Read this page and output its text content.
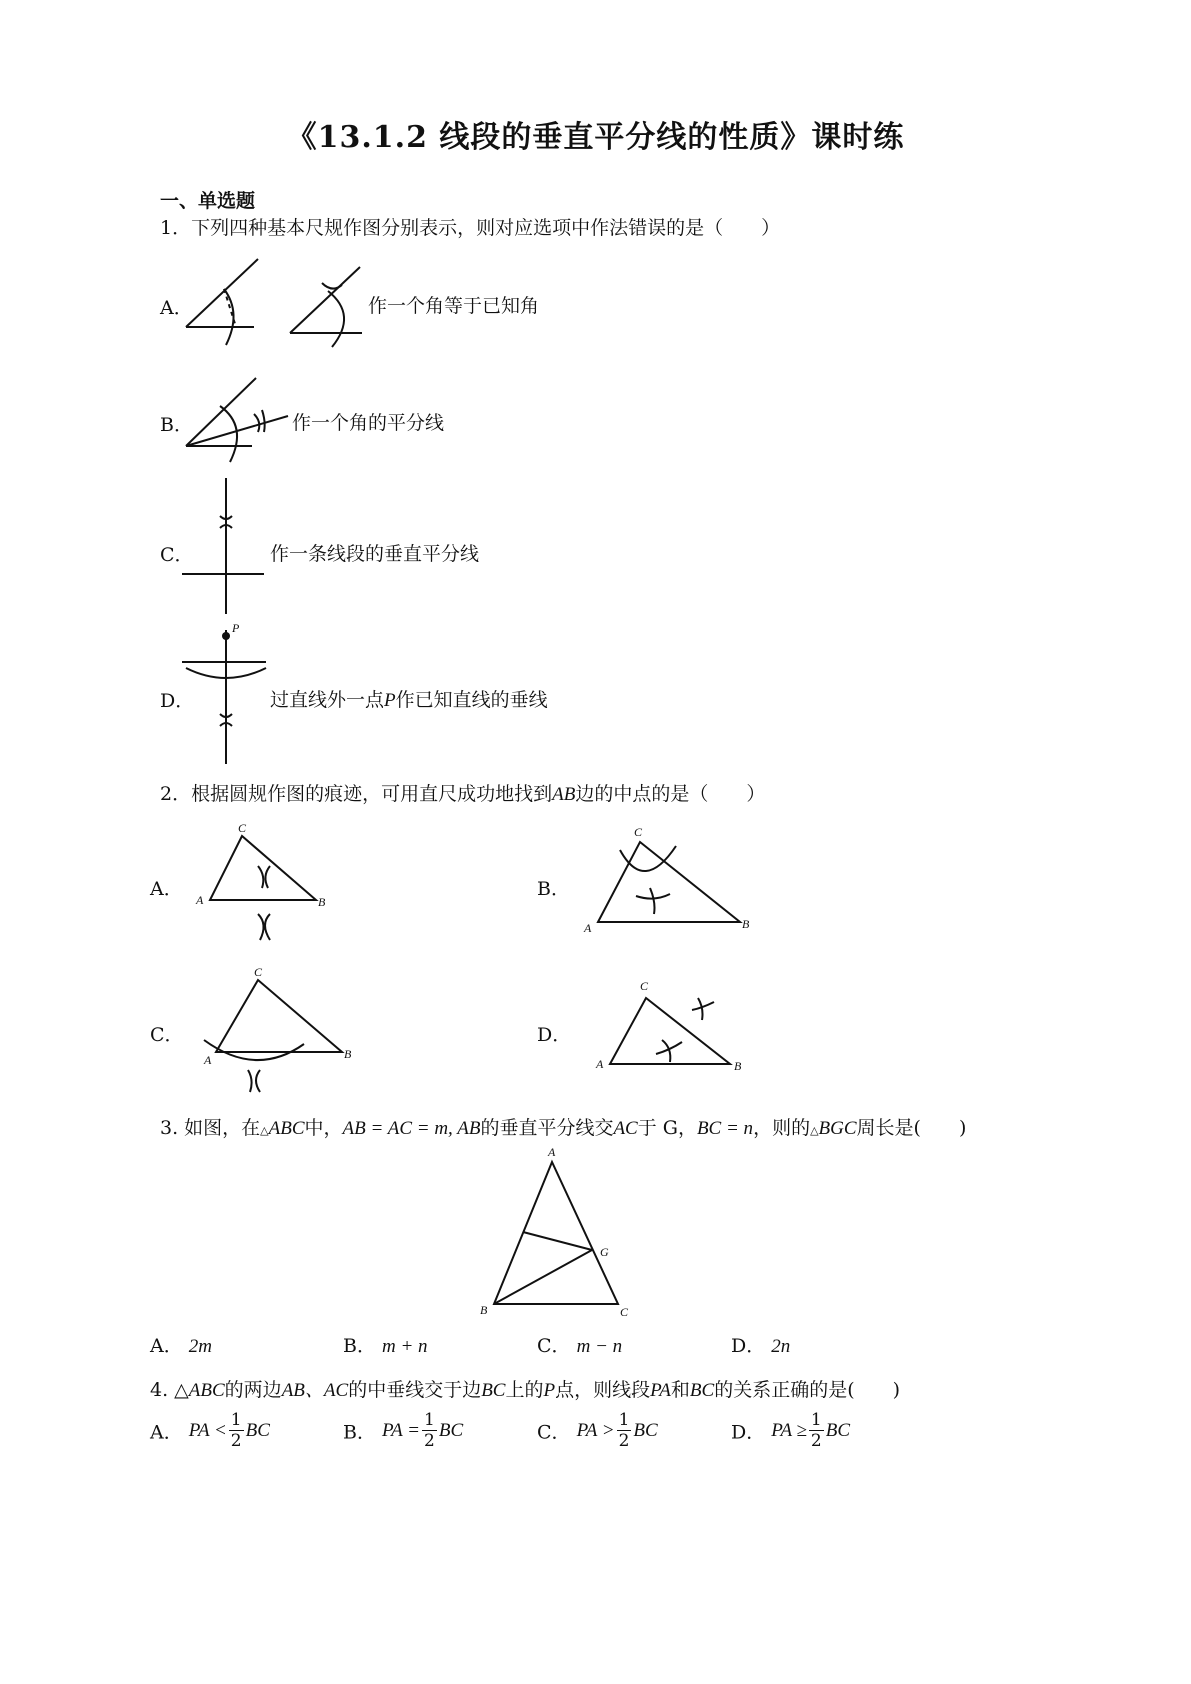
《13.1.2 线段的垂直平分线的性质》课时练
一、单选题
1．下列四种基本尺规作图分别表示，则对应选项中作法错误的是（　　）
A．	作一个角等于已知角
B．	作一个角的平分线
C．	作一条线段的垂直平分线
D．
P
过直线外一点P作已知直线的垂线
2．根据圆规作图的痕迹，可用直尺成功地找到AB边的中点的是（　　）
A． A	B
C
B．
A	B
C
C．
A	B
C
D．
A	B
C
3. 如图，在△ABC中，AB = AC = m, AB的垂直平分线交AC于 G，BC = n，则的△BGC周长是(　　)
A
B	C
G
A． 2m	B． m + n	C． m − n	D． 2n
4. △ABC的两边AB、AC的中垂线交于边BC上的P点，则线段PA和BC的关系正确的是(　　)
A． PA < $\frac{1}{2}$ BC	B． PA = $\frac{1}{2}$ BC	C． PA > $\frac{1}{2}$ BC	D． PA ≥ $\frac{1}{2}$ BC
